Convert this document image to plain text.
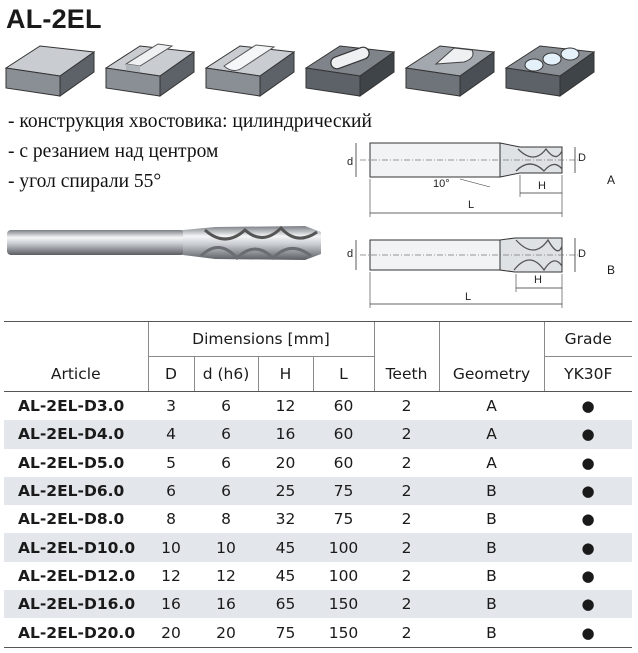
AL-2EL
- конструкция хвостовика: цилиндрический
- с резанием над центром
- угол спирали 55°
d	D
10°	H
L
A
d	D
H
L
B
	Dimensions [mm]						Grade
Article	D	d (h6)	H	L	Teeth	Geometry	YK30F
AL-2EL-D3.0	3	6	12	60	2	A	●
AL-2EL-D4.0	4	6	16	60	2	A	●
AL-2EL-D5.0	5	6	20	60	2	A	●
AL-2EL-D6.0	6	6	25	75	2	B	●
AL-2EL-D8.0	8	8	32	75	2	B	●
AL-2EL-D10.0	10	10	45	100	2	B	●
AL-2EL-D12.0	12	12	45	100	2	B	●
AL-2EL-D16.0	16	16	65	150	2	B	●
AL-2EL-D20.0	20	20	75	150	2	B	●
